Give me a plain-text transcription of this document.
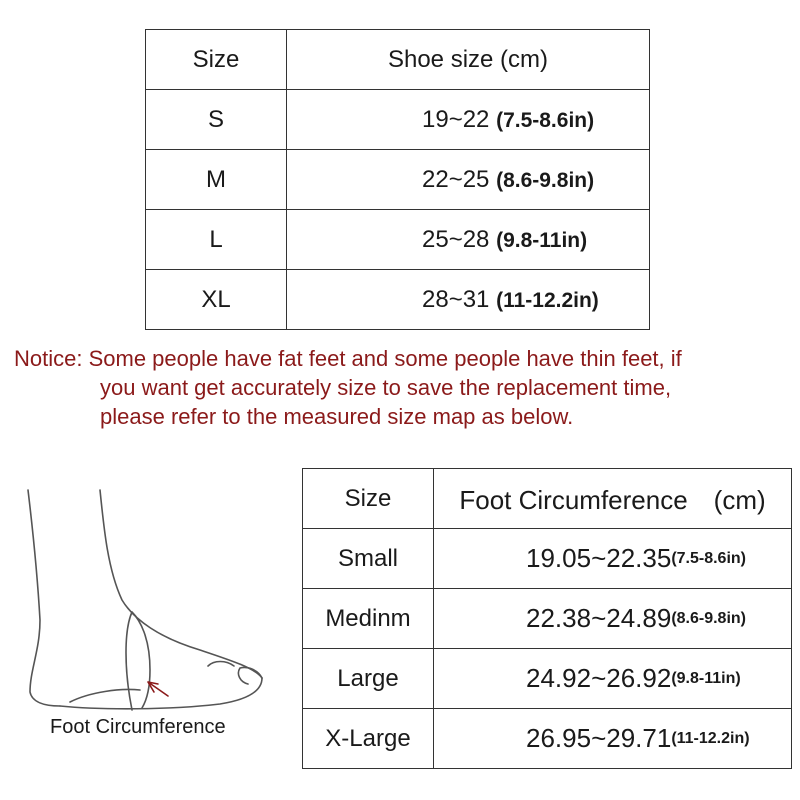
Size	Shoe size (cm)
S	19~22 (7.5-8.6in)
M	22~25 (8.6-9.8in)
L	25~28 (9.8-11in)
XL	28~31 (11-12.2in)
Notice: Some people have fat feet and some people have thin feet, if
you want get accurately size to save the replacement time,
please refer to the measured size map as below.
Foot Circumference
Size	Foot Circumference　(cm)
Small	19.05~22.35(7.5-8.6in)
Medinm	22.38~24.89(8.6-9.8in)
Large	24.92~26.92(9.8-11in)
X-Large	26.95~29.71(11-12.2in)
